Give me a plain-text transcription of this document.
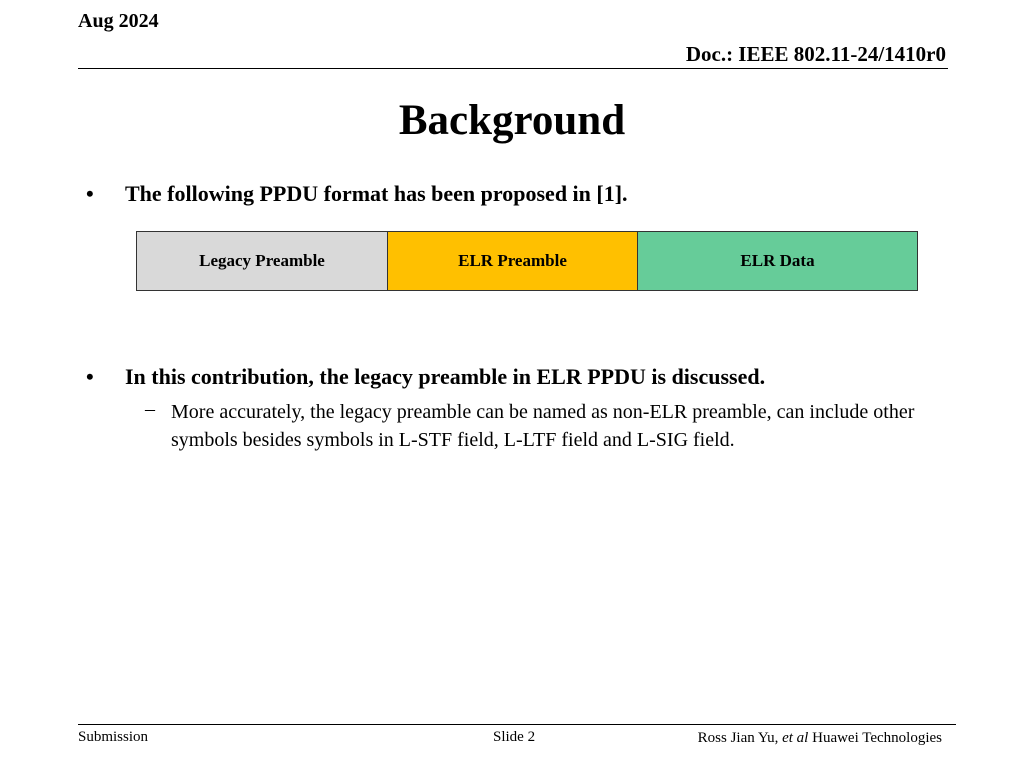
Aug 2024
Doc.: IEEE 802.11-24/1410r0
Background
• The following PPDU format has been proposed in [1].
Legacy Preamble	ELR Preamble	ELR Data
• In this contribution, the legacy preamble in ELR PPDU is discussed.
– More accurately, the legacy preamble can be named as non-ELR preamble, can include other symbols besides symbols in L-STF field, L-LTF field and L-SIG field.
Submission	Slide 2	Ross Jian Yu, et al Huawei Technologies
